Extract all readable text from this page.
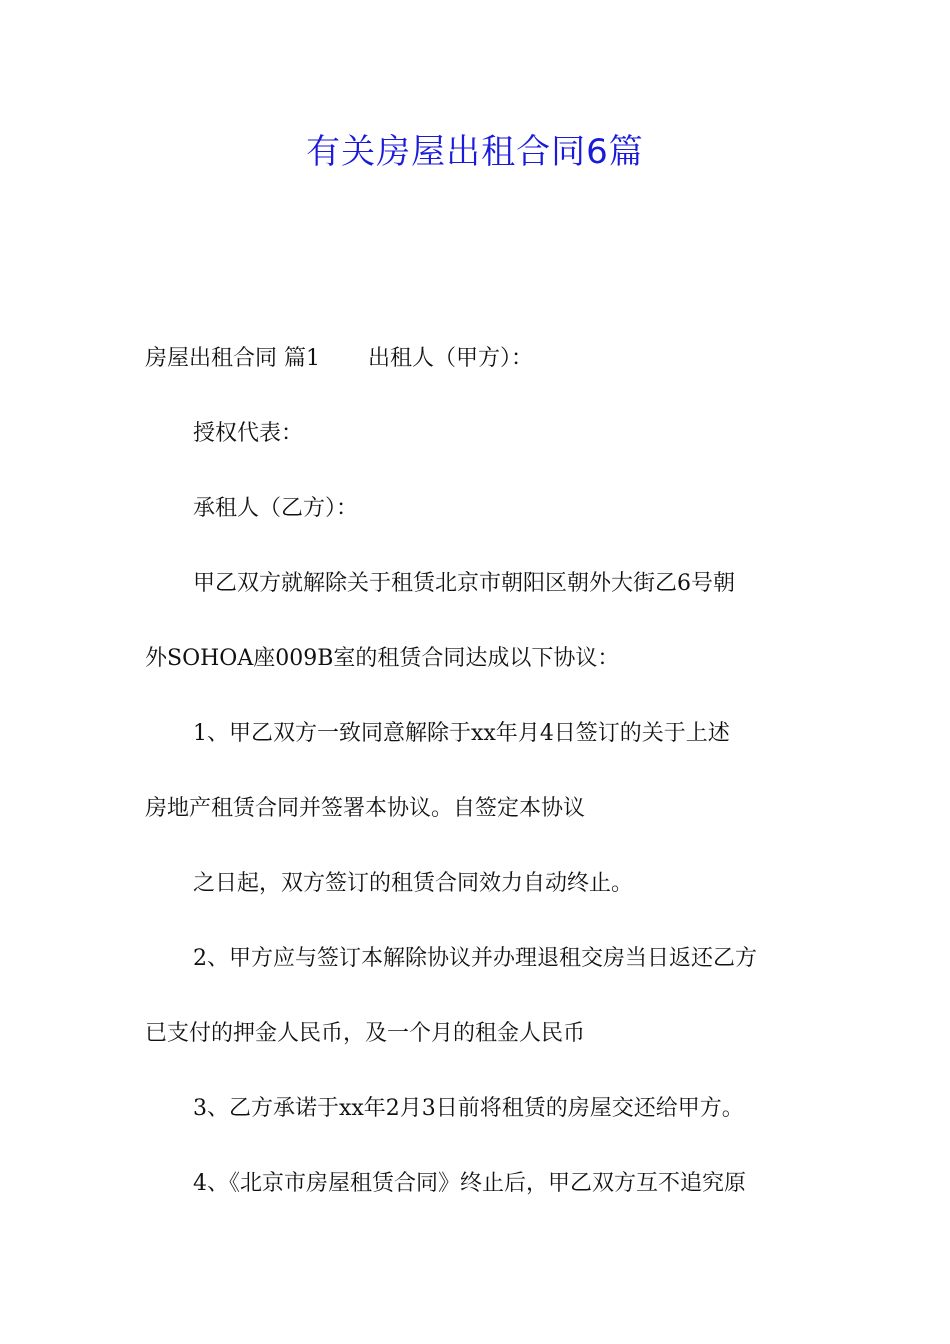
有关房屋出租合同6篇

房屋出租合同 篇1 出租人（甲方）：

授权代表：

承租人（乙方）：

甲乙双方就解除关于租赁北京市朝阳区朝外大街乙6号朝

外SOHOA座009B室的租赁合同达成以下协议：

1、甲乙双方一致同意解除于xx年月4日签订的关于上述

房地产租赁合同并签署本协议。自签定本协议

之日起，双方签订的租赁合同效力自动终止。

2、甲方应与签订本解除协议并办理退租交房当日返还乙方

已支付的押金人民币，及一个月的租金人民币

3、乙方承诺于xx年2月3日前将租赁的房屋交还给甲方。

4、《北京市房屋租赁合同》终止后，甲乙双方互不追究原
